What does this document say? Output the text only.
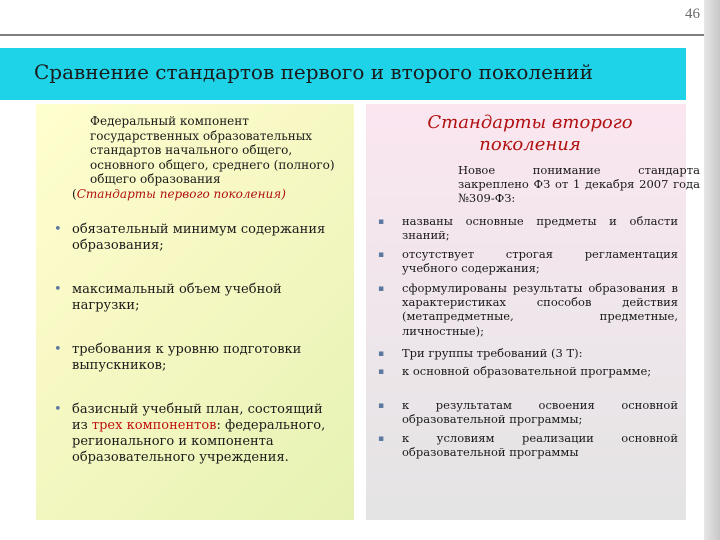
46
Сравнение стандартов первого и второго поколений
Федеральный компонент государственных образовательных стандартов начального общего, основного общего, среднего (полного) общего образования
(Стандарты первого поколения)
• обязательный минимум содержания образования;
• максимальный объем учебной нагрузки;
• требования к уровню подготовки выпускников;
• базисный учебный план, состоящий из трех компонентов: федерального, регионального и компонента образовательного учреждения.
Стандарты второго поколения
Новое понимание стандарта закреплено ФЗ от 1 декабря 2007 года №309-ФЗ:
▪	названы основные предметы и области знаний;
▪	отсутствует строгая регламентация учебного содержания;
▪	сформулированы результаты образования в характеристиках способов действия (метапредметные, предметные, личностные);
▪	Три группы требований (3 Т):
▪	к основной образовательной программе;
▪	к результатам освоения основной образовательной программы;
▪	к условиям реализации основной образовательной программы
